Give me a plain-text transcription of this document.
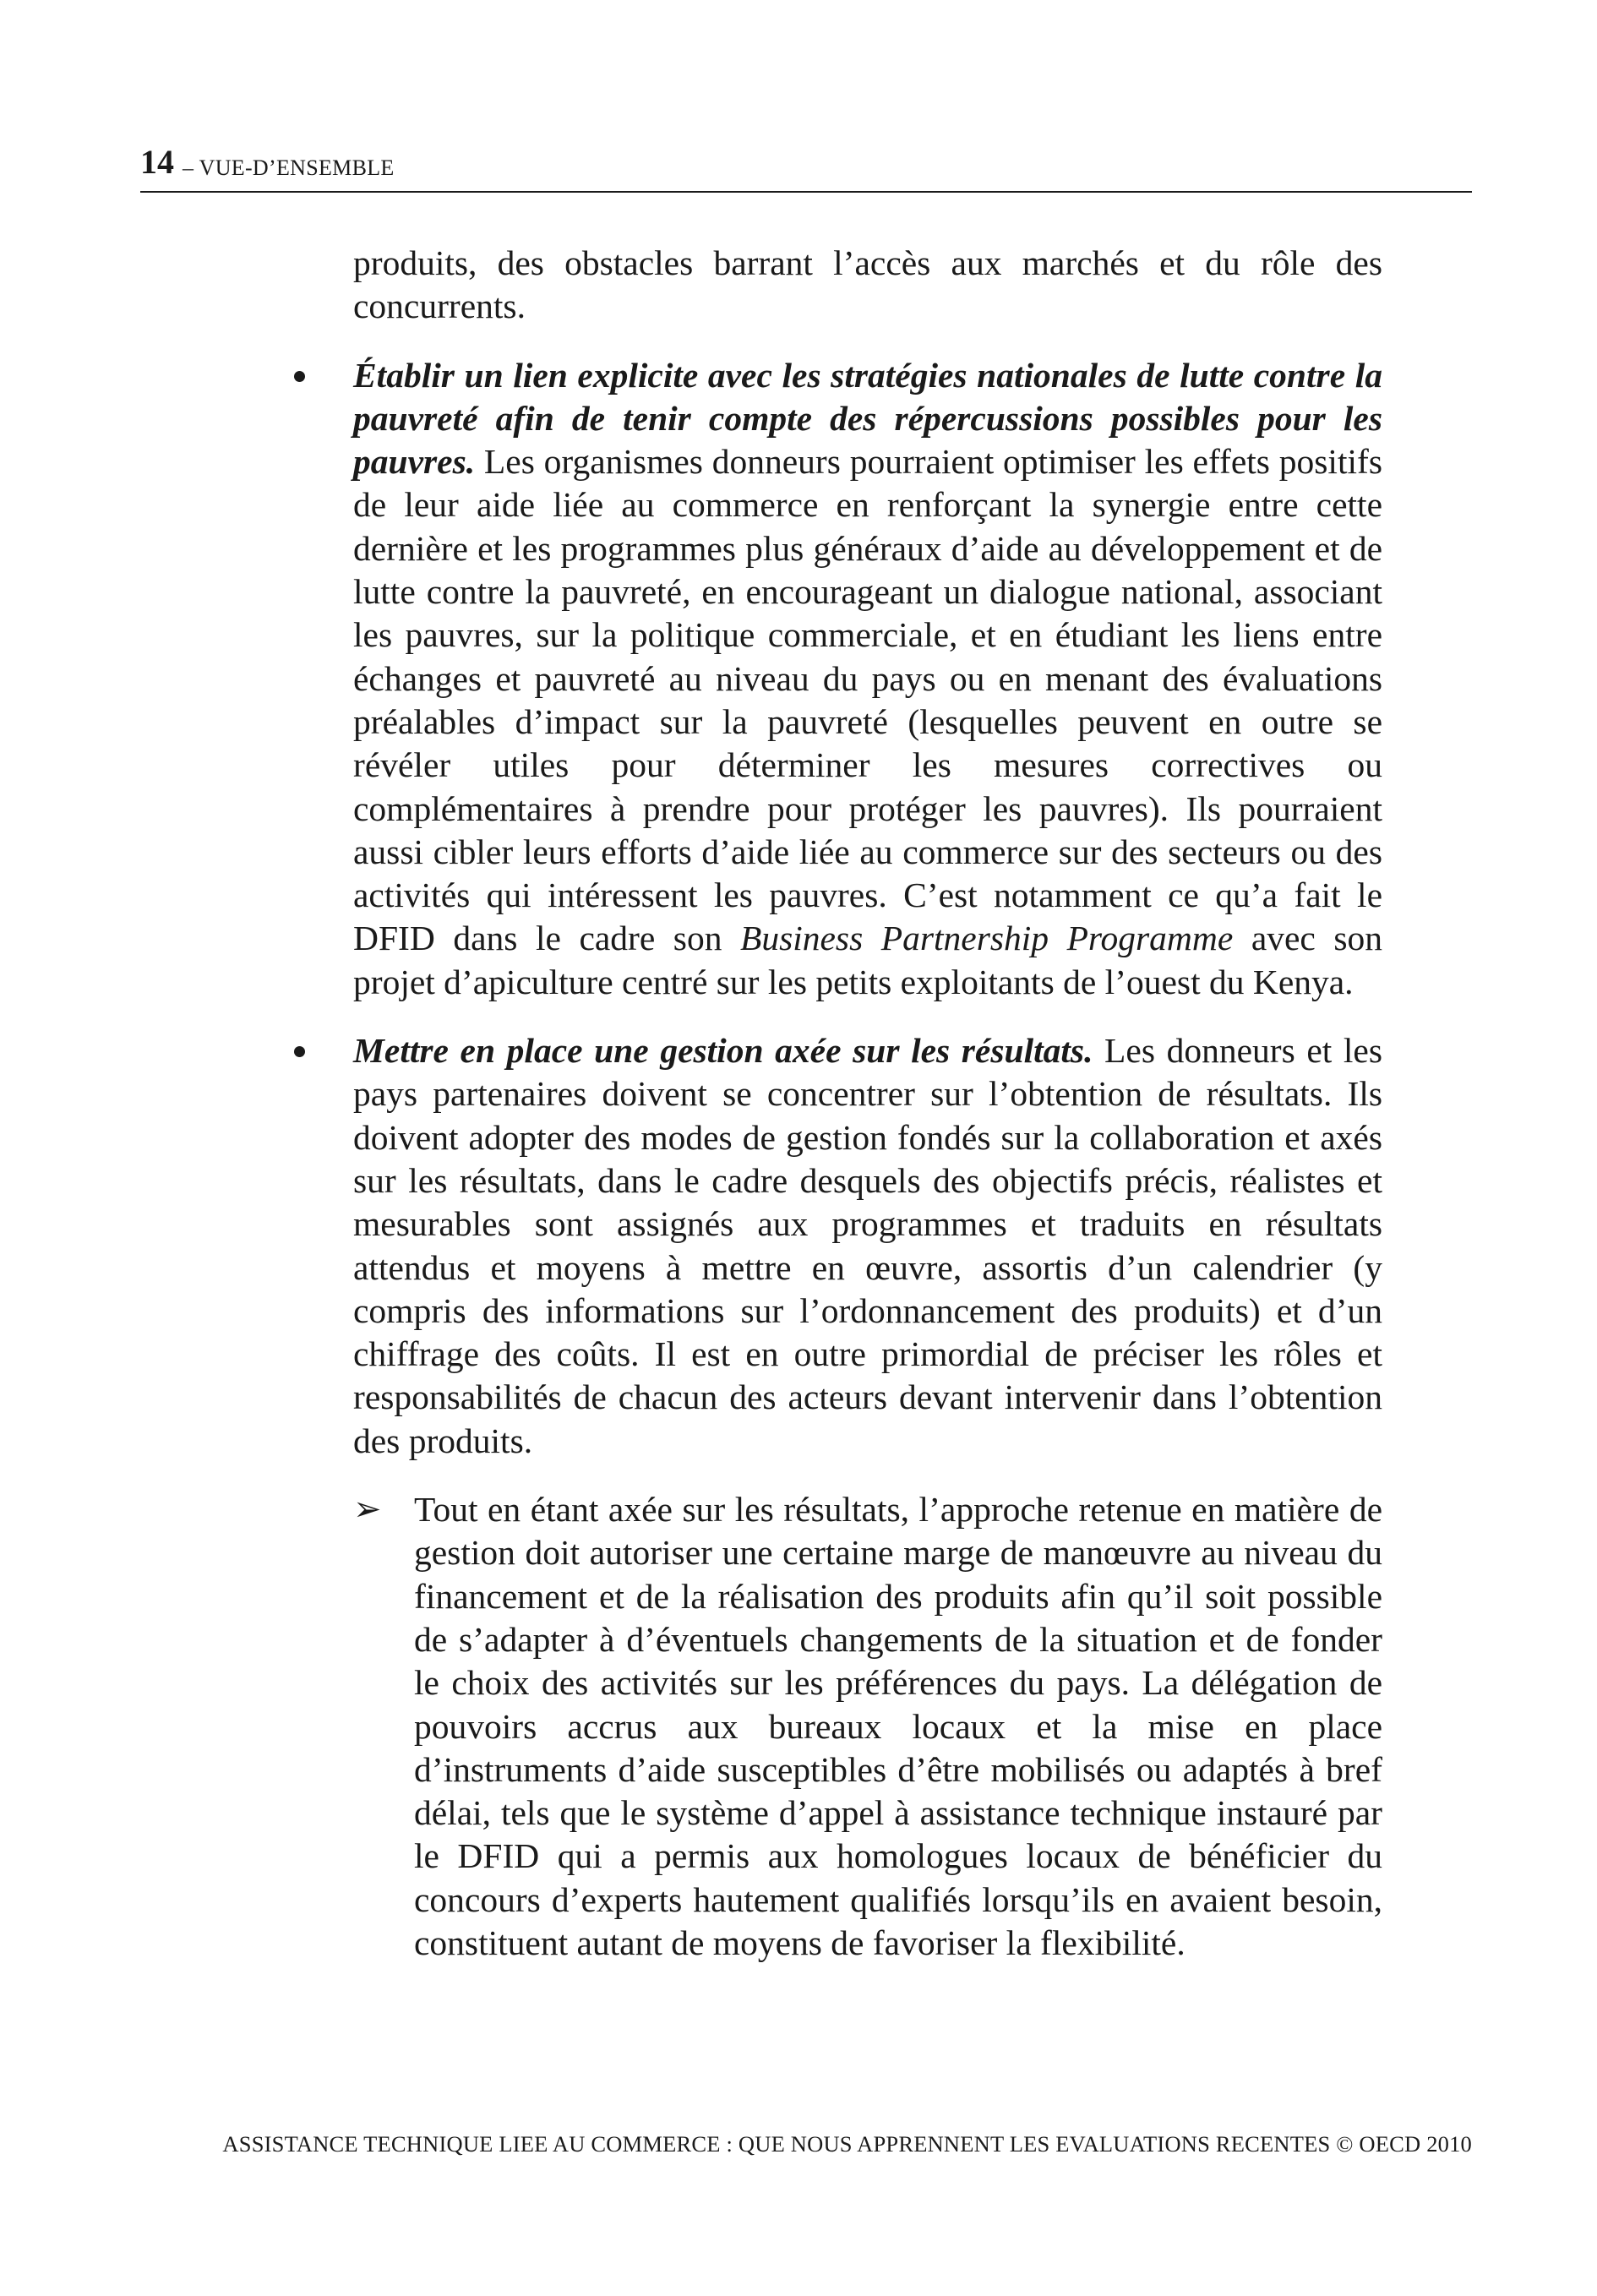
14 – VUE-D’ENSEMBLE

produits, des obstacles barrant l’accès aux marchés et du rôle des concurrents.

Établir un lien explicite avec les stratégies nationales de lutte contre la pauvreté afin de tenir compte des répercussions possibles pour les pauvres. Les organismes donneurs pourraient optimiser les effets positifs de leur aide liée au commerce en renforçant la synergie entre cette dernière et les programmes plus généraux d’aide au développement et de lutte contre la pauvreté, en encourageant un dialogue national, associant les pauvres, sur la politique commerciale, et en étudiant les liens entre échanges et pauvreté au niveau du pays ou en menant des évaluations préalables d’impact sur la pauvreté (lesquelles peuvent en outre se révéler utiles pour déterminer les mesures correctives ou complémentaires à prendre pour protéger les pauvres). Ils pourraient aussi cibler leurs efforts d’aide liée au commerce sur des secteurs ou des activités qui intéressent les pauvres. C’est notamment ce qu’a fait le DFID dans le cadre son Business Partnership Programme avec son projet d’apiculture centré sur les petits exploitants de l’ouest du Kenya.

Mettre en place une gestion axée sur les résultats. Les donneurs et les pays partenaires doivent se concentrer sur l’obtention de résultats. Ils doivent adopter des modes de gestion fondés sur la collaboration et axés sur les résultats, dans le cadre desquels des objectifs précis, réalistes et mesurables sont assignés aux programmes et traduits en résultats attendus et moyens à mettre en œuvre, assortis d’un calendrier (y compris des informations sur l’ordonnancement des produits) et d’un chiffrage des coûts. Il est en outre primordial de préciser les rôles et responsabilités de chacun des acteurs devant intervenir dans l’obtention des produits.

➢ Tout en étant axée sur les résultats, l’approche retenue en matière de gestion doit autoriser une certaine marge de manœuvre au niveau du financement et de la réalisation des produits afin qu’il soit possible de s’adapter à d’éventuels changements de la situation et de fonder le choix des activités sur les préférences du pays. La délégation de pouvoirs accrus aux bureaux locaux et la mise en place d’instruments d’aide susceptibles d’être mobilisés ou adaptés à bref délai, tels que le système d’appel à assistance technique instauré par le DFID qui a permis aux homologues locaux de bénéficier du concours d’experts hautement qualifiés lorsqu’ils en avaient besoin, constituent autant de moyens de favoriser la flexibilité.

ASSISTANCE TECHNIQUE LIEE AU COMMERCE : QUE NOUS APPRENNENT LES EVALUATIONS RECENTES © OECD 2010
